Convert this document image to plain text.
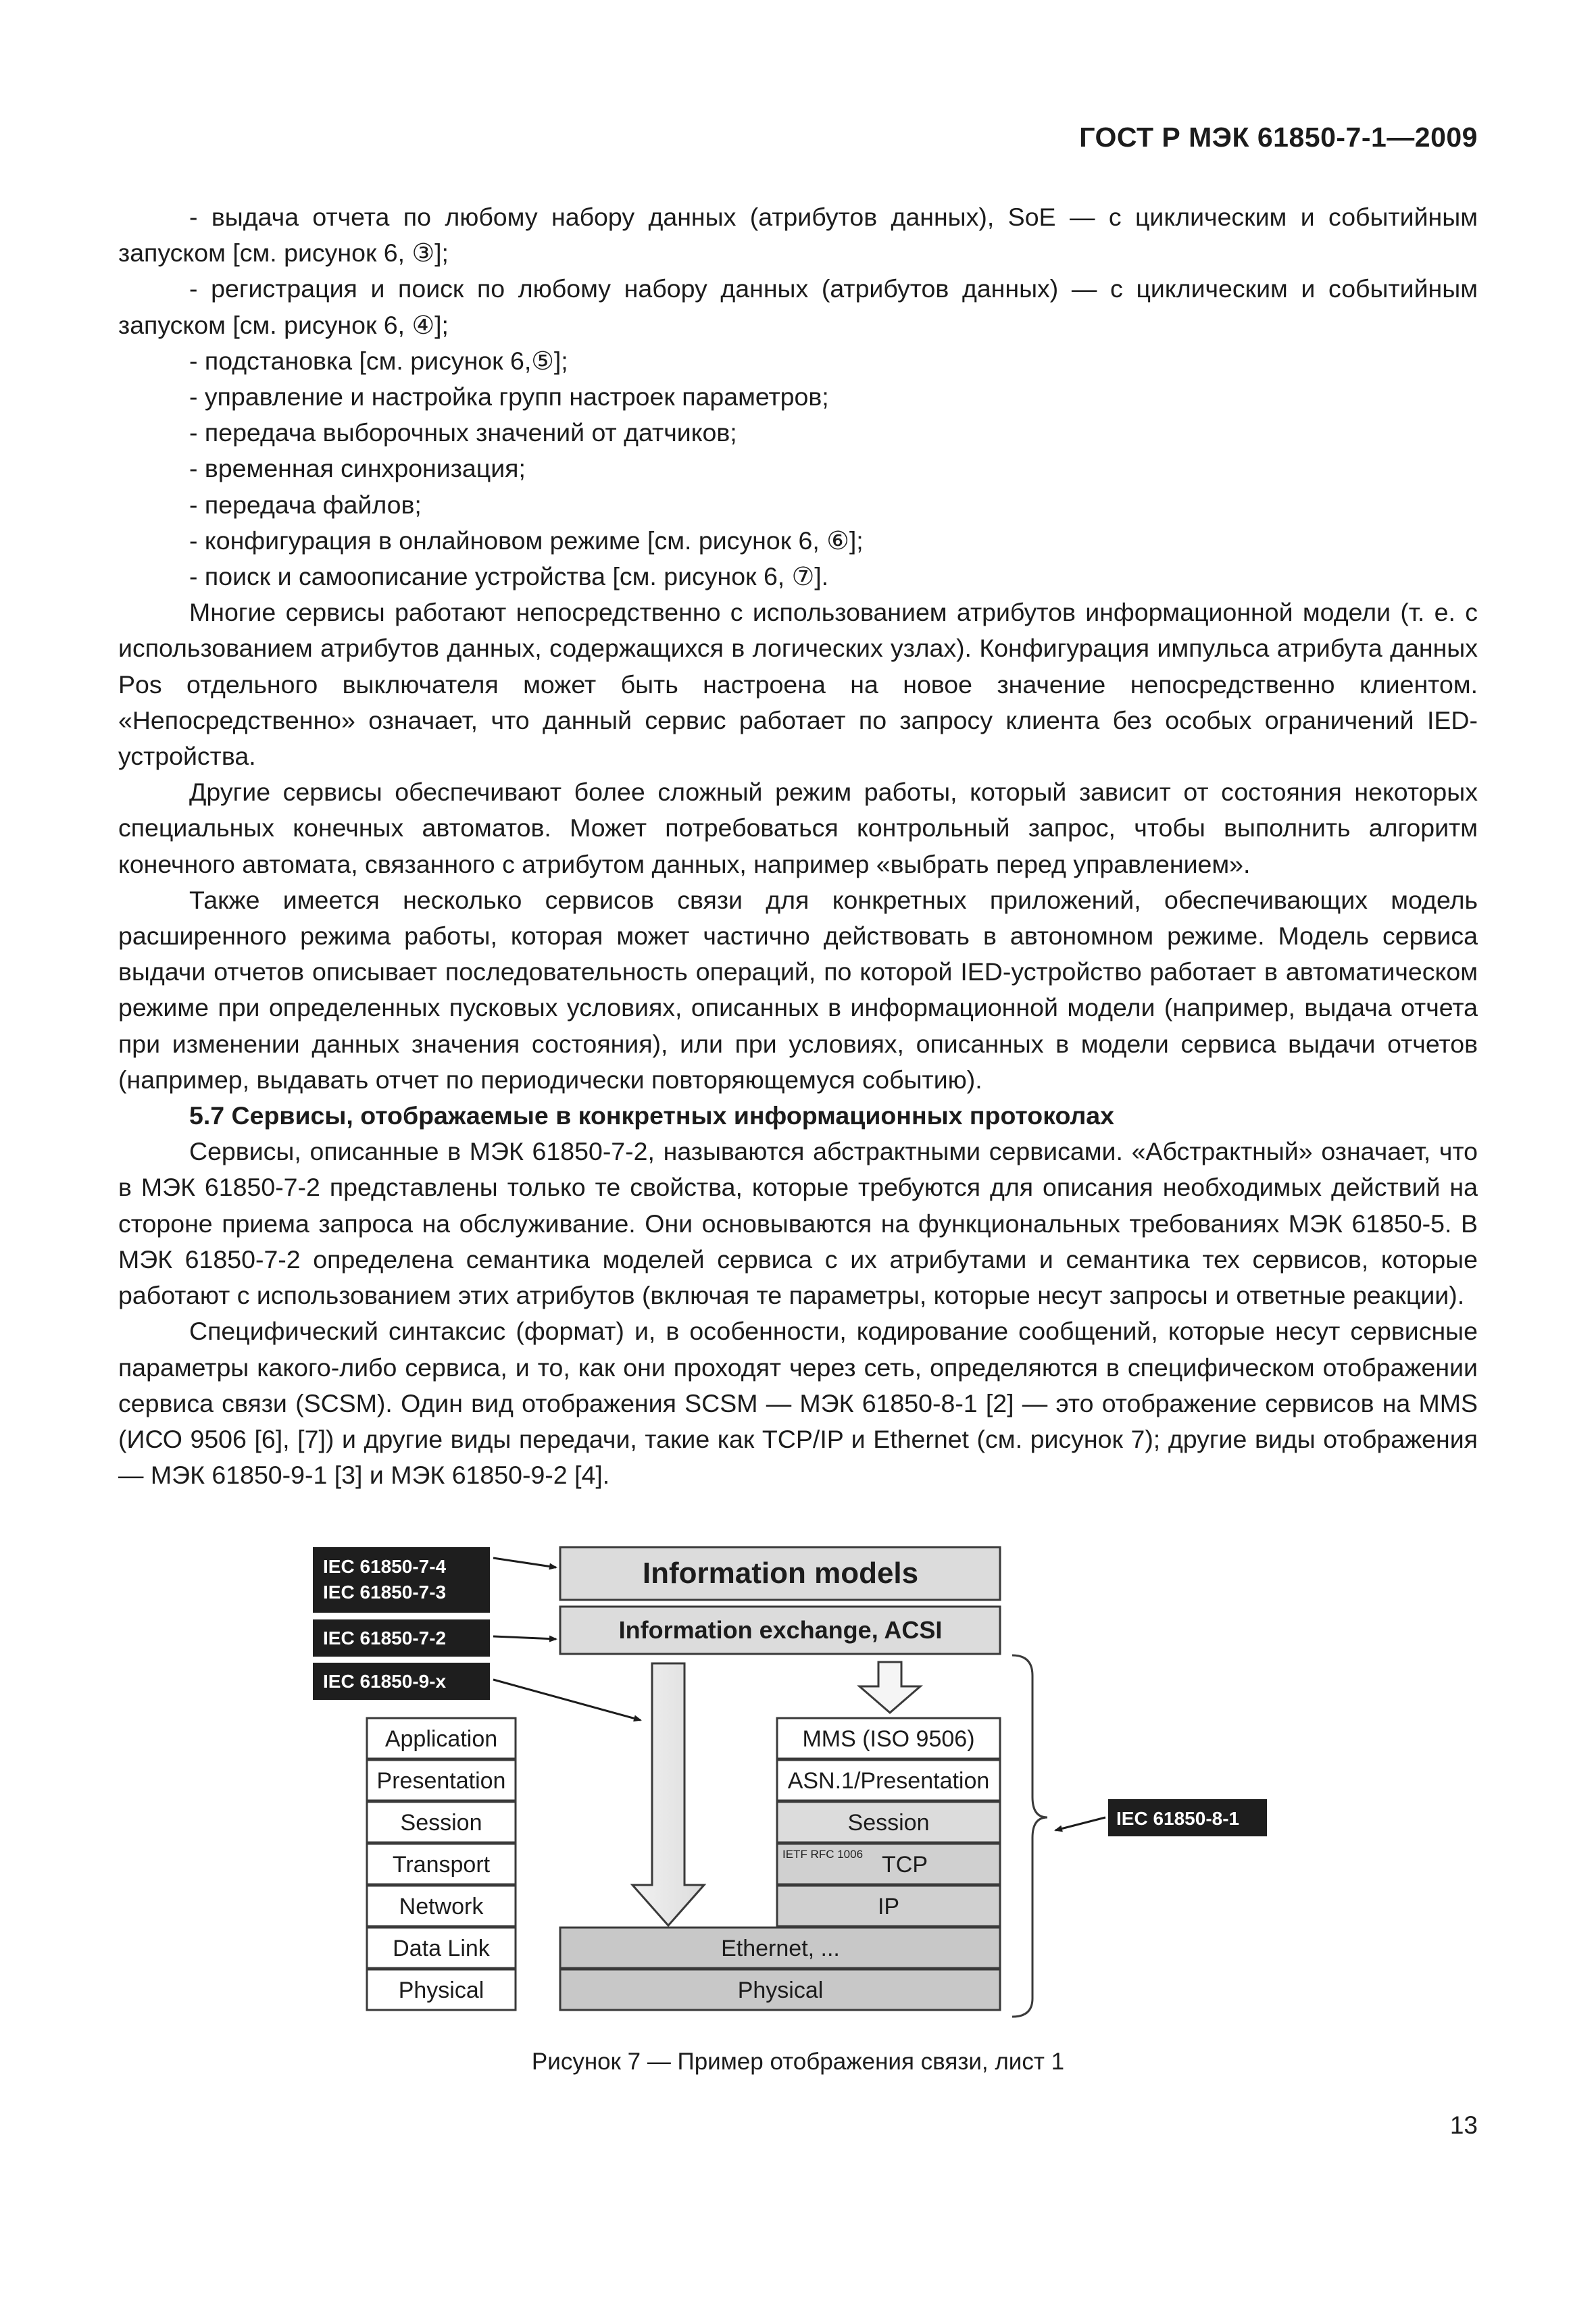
ГОСТ Р МЭК 61850-7-1—2009

- выдача отчета по любому набору данных (атрибутов данных), SoE — с циклическим и событийным запуском [см. рисунок 6, ③];

- регистрация и поиск по любому набору данных (атрибутов данных) — с циклическим и событийным запуском [см. рисунок 6, ④];

- подстановка [см. рисунок 6,⑤];

- управление и настройка групп настроек параметров;

- передача выборочных значений от датчиков;

- временная синхронизация;

- передача файлов;

- конфигурация в онлайновом режиме [см. рисунок 6, ⑥];

- поиск и самоописание устройства [см. рисунок 6, ⑦].

Многие сервисы работают непосредственно с использованием атрибутов информационной модели (т. е. с использованием атрибутов данных, содержащихся в логических узлах). Конфигурация импульса атрибута данных Pos отдельного выключателя может быть настроена на новое значение непосредственно клиентом. «Непосредственно» означает, что данный сервис работает по запросу клиента без особых ограничений IED-устройства.

Другие сервисы обеспечивают более сложный режим работы, который зависит от состояния некоторых специальных конечных автоматов. Может потребоваться контрольный запрос, чтобы выполнить алгоритм конечного автомата, связанного с атрибутом данных, например «выбрать перед управлением».

Также имеется несколько сервисов связи для конкретных приложений, обеспечивающих модель расширенного режима работы, которая может частично действовать в автономном режиме. Модель сервиса выдачи отчетов описывает последовательность операций, по которой IED-устройство работает в автоматическом режиме при определенных пусковых условиях, описанных в информационной модели (например, выдача отчета при изменении данных значения состояния), или при условиях, описанных в модели сервиса выдачи отчетов (например, выдавать отчет по периодически повторяющемуся событию).

5.7 Сервисы, отображаемые в конкретных информационных протоколах

Сервисы, описанные в МЭК 61850-7-2, называются абстрактными сервисами. «Абстрактный» означает, что в МЭК 61850-7-2 представлены только те свойства, которые требуются для описания необходимых действий на стороне приема запроса на обслуживание. Они основываются на функциональных требованиях МЭК 61850-5. В МЭК 61850-7-2 определена семантика моделей сервиса с их атрибутами и семантика тех сервисов, которые работают с использованием этих атрибутов (включая те параметры, которые несут запросы и ответные реакции).

Специфический синтаксис (формат) и, в особенности, кодирование сообщений, которые несут сервисные параметры какого-либо сервиса, и то, как они проходят через сеть, определяются в специфическом отображении сервиса связи (SCSM). Один вид отображения SCSM — МЭК 61850-8-1 [2] — это отображение сервисов на MMS (ИСО 9506 [6], [7]) и другие виды передачи, такие как TCP/IP и Ethernet (см. рисунок 7); другие виды отображения — МЭК 61850-9-1 [3] и МЭК 61850-9-2 [4].

IEC 61850-7-4
IEC 61850-7-3
IEC 61850-7-2
IEC 61850-9-x
Information models
Information exchange, ACSI
IEC 61850-8-1
Application
Presentation
Session
Transport
Network
Data Link
Physical
MMS (ISO 9506)
ASN.1/Presentation
Session
IETF RFC 1006 TCP
IP
Ethernet, ...
Physical
Рисунок 7 — Пример отображения связи, лист 1
13
